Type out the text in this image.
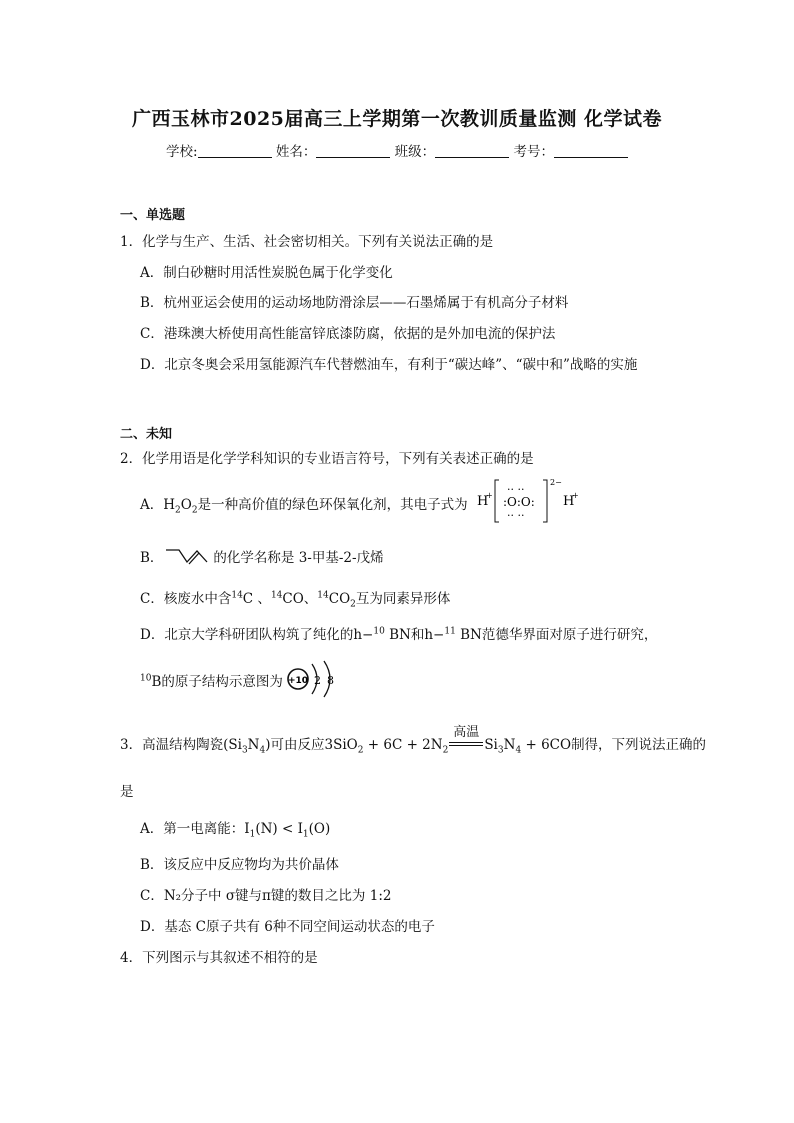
广西玉林市2025届高三上学期第一次教训质量监测 化学试卷
学校:	姓名：	班级：	考号：
一、单选题
1．化学与生产、生活、社会密切相关。下列有关说法正确的是
A．制白砂糖时用活性炭脱色属于化学变化
B．杭州亚运会使用的运动场地防滑涂层——石墨烯属于有机高分子材料
C．港珠澳大桥使用高性能富锌底漆防腐，依据的是外加电流的保护法
D．北京冬奥会采用氢能源汽车代替燃油车，有利于“碳达峰”、“碳中和”战略的实施
二、未知
2．化学用语是化学学科知识的专业语言符号，下列有关表述正确的是
A．$H_2O_2$是一种高价值的绿色环保氧化剂，其电子式为 H
+ ·· ··
:O:O:
·· ··
2−
H
+
B．	的化学名称是 3-甲基-2-戊烯
C．核废水中含$^{14}$C 、$^{14}$CO、$^{14}CO_2$互为同素异形体
D．北京大学科研团队构筑了纯化的h−$^{10}$ BN和h−$^{11}$ BN范德华界面对原子进行研究，
$^{10}$B的原子结构示意图为 +10 2 8
3．高温结构陶瓷$(Si_3N_4)$可由反应$3SiO_2 + 6C + 2N_2$
高温
$Si_3N_4 + 6CO$制得，下列说法正确的
是
A．第一电离能：$I_1(N) < I_1(O)$
B．该反应中反应物均为共价晶体
C．N₂分子中 σ键与π键的数目之比为 1:2
D．基态 C原子共有 6种不同空间运动状态的电子
4．下列图示与其叙述不相符的是
